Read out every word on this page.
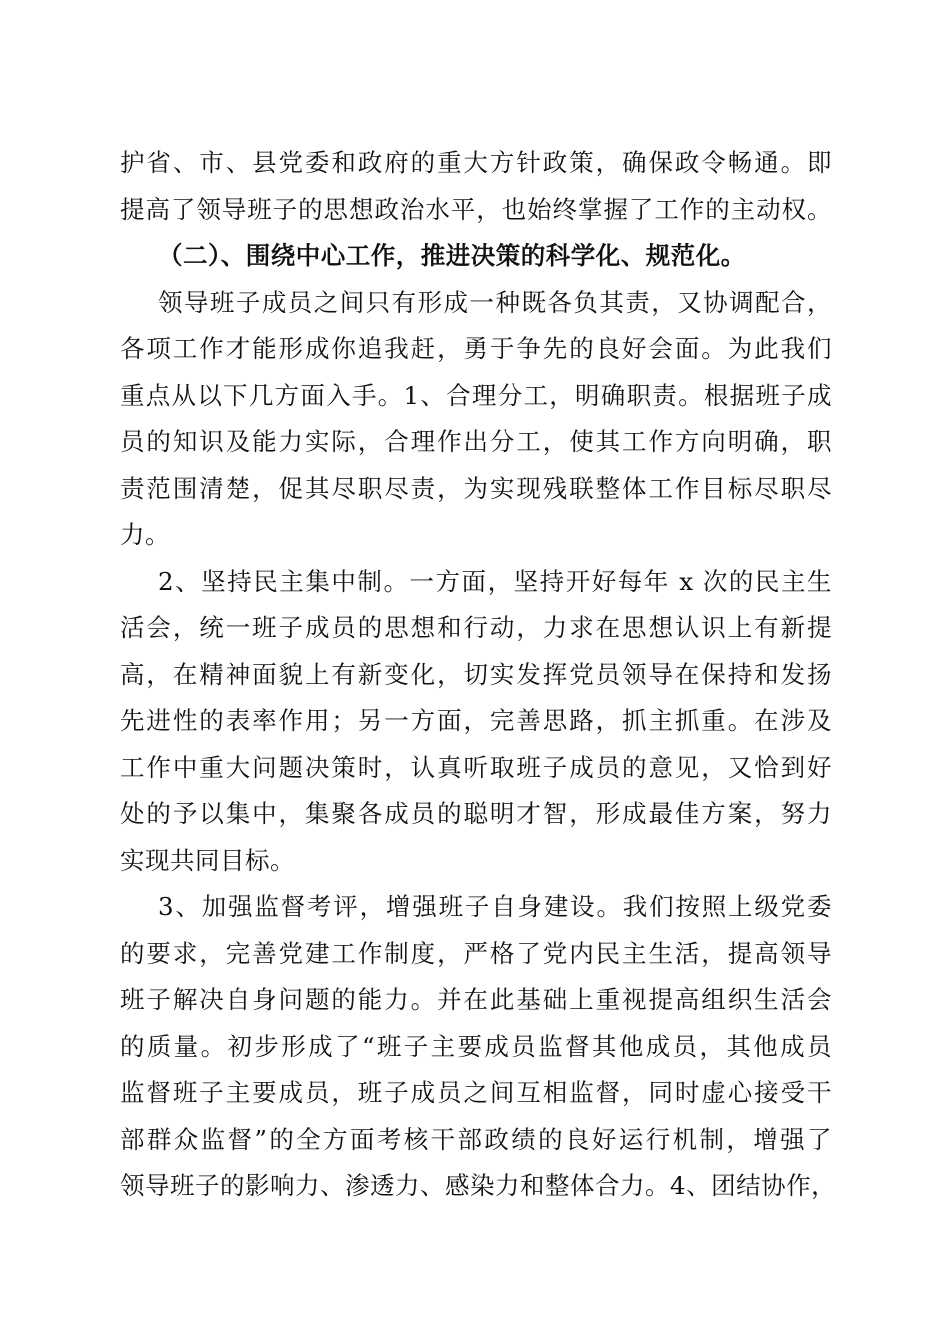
护省、市、县党委和政府的重大方针政策，确保政令畅通。即
提高了领导班子的思想政治水平，也始终掌握了工作的主动权。

（二）、围绕中心工作，推进决策的科学化、规范化。

领导班子成员之间只有形成一种既各负其责，又协调配合，
各项工作才能形成你追我赶，勇于争先的良好会面。为此我们
重点从以下几方面入手。1、合理分工，明确职责。根据班子成
员的知识及能力实际，合理作出分工，使其工作方向明确，职
责范围清楚，促其尽职尽责，为实现残联整体工作目标尽职尽
力。

2、坚持民主集中制。一方面，坚持开好每年 x 次的民主生
活会，统一班子成员的思想和行动，力求在思想认识上有新提
高，在精神面貌上有新变化，切实发挥党员领导在保持和发扬
先进性的表率作用；另一方面，完善思路，抓主抓重。在涉及
工作中重大问题决策时，认真听取班子成员的意见，又恰到好
处的予以集中，集聚各成员的聪明才智，形成最佳方案，努力
实现共同目标。

3、加强监督考评，增强班子自身建设。我们按照上级党委
的要求，完善党建工作制度，严格了党内民主生活，提高领导
班子解决自身问题的能力。并在此基础上重视提高组织生活会
的质量。初步形成了“班子主要成员监督其他成员，其他成员
监督班子主要成员，班子成员之间互相监督，同时虚心接受干
部群众监督”的全方面考核干部政绩的良好运行机制，增强了
领导班子的影响力、渗透力、感染力和整体合力。4、团结协作，
